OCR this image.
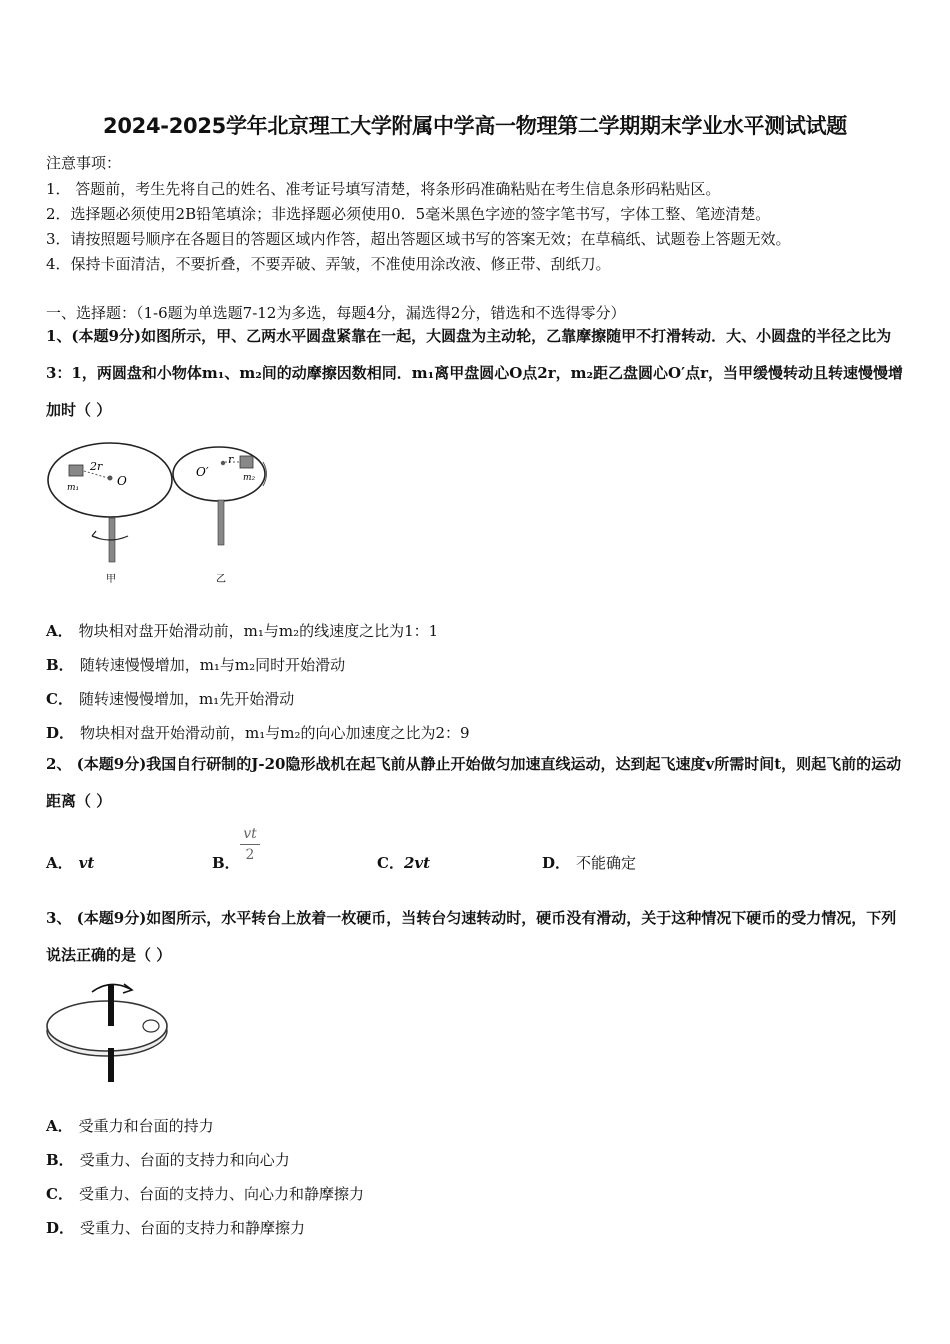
2024-2025学年北京理工大学附属中学高一物理第二学期期末学业水平测试试题
注意事项：
1． 答题前，考生先将自己的姓名、准考证号填写清楚，将条形码准确粘贴在考生信息条形码粘贴区。
2．选择题必须使用2B铅笔填涂；非选择题必须使用0．5毫米黑色字迹的签字笔书写，字体工整、笔迹清楚。
3．请按照题号顺序在各题目的答题区域内作答，超出答题区域书写的答案无效；在草稿纸、试题卷上答题无效。
4．保持卡面清洁，不要折叠，不要弄破、弄皱，不准使用涂改液、修正带、刮纸刀。
一、选择题：（1-6题为单选题7-12为多选，每题4分，漏选得2分，错选和不选得零分）
1、(本题9分)如图所示，甲、乙两水平圆盘紧靠在一起，大圆盘为主动轮，乙靠摩擦随甲不打滑转动．大、小圆盘的半径之比为3：1，两圆盘和小物体m₁、m₂间的动摩擦因数相同．m₁离甲盘圆心O点2r，m₂距乙盘圆心O′点r，当甲缓慢转动且转速慢慢增加时（ ）
2r
m₁	O
O′
r
m₂
甲	乙
A． 物块相对盘开始滑动前，m₁与m₂的线速度之比为1：1
B． 随转速慢慢增加，m₁与m₂同时开始滑动
C． 随转速慢慢增加，m₁先开始滑动
D． 物块相对盘开始滑动前，m₁与m₂的向心加速度之比为2：9
2、 (本题9分)我国自行研制的J-20隐形战机在起飞前从静止开始做匀加速直线运动，达到起飞速度v所需时间t，则起飞前的运动距离（ ）
A． vt	B． $\frac{vt}{2}$	C．2vt	D． 不能确定
3、 (本题9分)如图所示，水平转台上放着一枚硬币，当转台匀速转动时，硬币没有滑动，关于这种情况下硬币的受力情况，下列说法正确的是（ ）
A． 受重力和台面的持力
B． 受重力、台面的支持力和向心力
C． 受重力、台面的支持力、向心力和静摩擦力
D． 受重力、台面的支持力和静摩擦力
